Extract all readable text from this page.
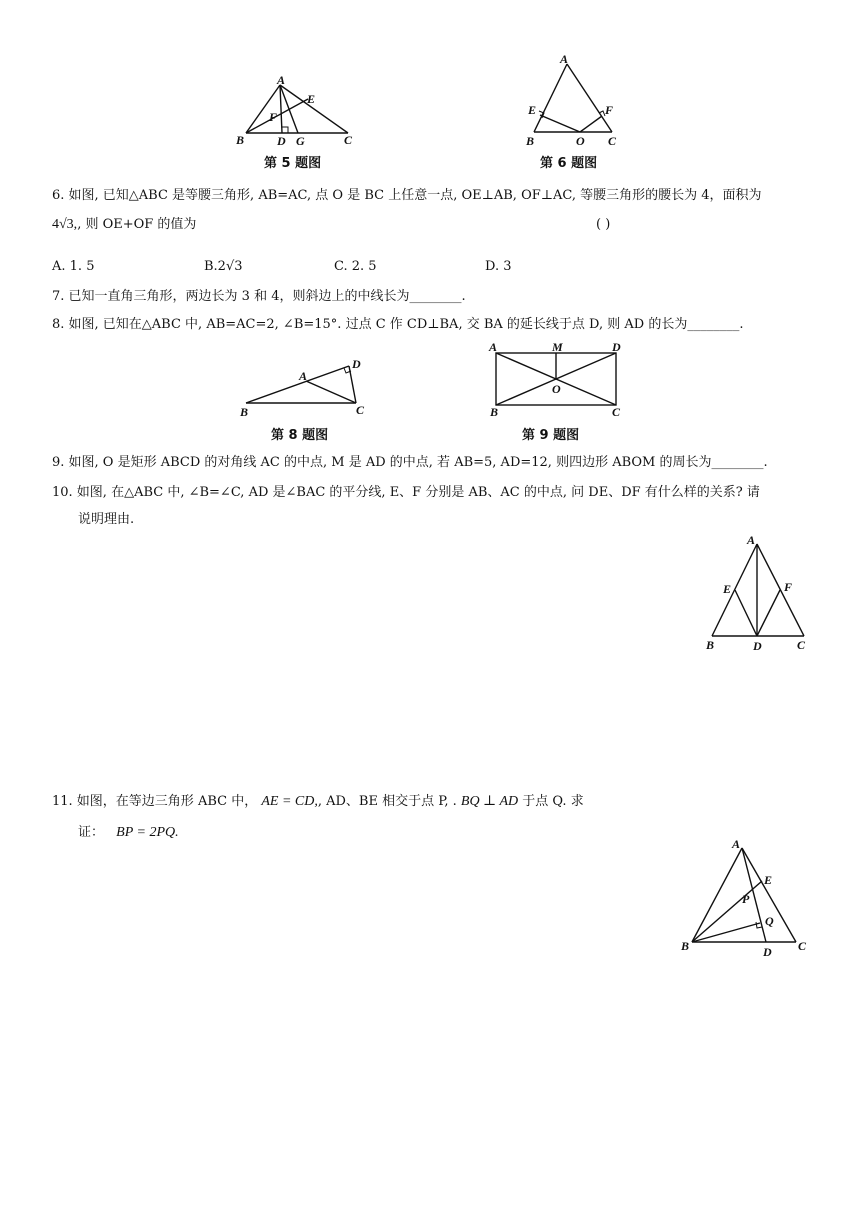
A
B	C
D
E
F
G
第 5 题图
A
B	C
E	F
O
第 6 题图
6. 如图, 已知△ABC 是等腰三角形, AB=AC, 点 O 是 BC 上任意一点, OE⊥AB, OF⊥AC, 等腰三角形的腰长为 4，面积为
4√3,, 则 OE+OF 的值为	( )
A. 1. 5	B.2√3	C. 2. 5	D. 3
7. 已知一直角三角形，两边长为 3 和 4，则斜边上的中线长为________.
8. 如图, 已知在△ABC 中, AB=AC=2, ∠B=15°. 过点 C 作 CD⊥BA, 交 BA 的延长线于点 D, 则 AD 的长为________.
A
B	C
D
第 8 题图
A
B	C
D
M
O
第 9 题图
9. 如图, O 是矩形 ABCD 的对角线 AC 的中点, M 是 AD 的中点, 若 AB=5, AD=12, 则四边形 ABOM 的周长为________.
10. 如图, 在△ABC 中, ∠B=∠C, AD 是∠BAC 的平分线, E、F 分别是 AB、AC 的中点, 问 DE、DF 有什么样的关系? 请
说明理由.
A
B	C
D
E	F
11. 如图，在等边三角形 ABC 中， AE = CD,, AD、BE 相交于点 P, . BQ ⊥ AD 于点 Q. 求
证： BP = 2PQ.
A
B	C
D
E
P
Q
